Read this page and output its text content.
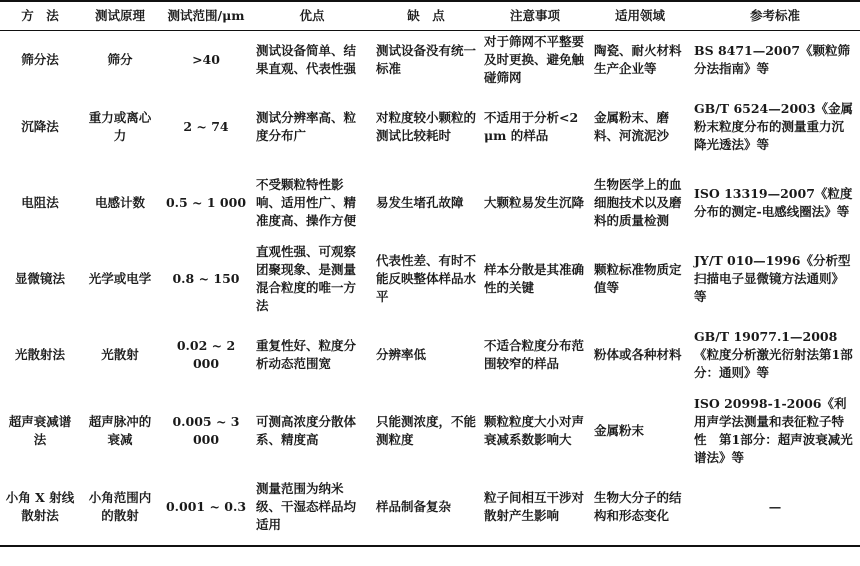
方　法	测试原理	测试范围/μm	优点	缺　点	注意事项	适用领域	参考标准
筛分法	筛分	>40	测试设备简单、结果直观、代表性强	测试设备没有统一标准	对于筛网不平整要及时更换、避免触碰筛网	陶瓷、耐火材料生产企业等	BS 8471—2007《颗粒筛分法指南》等
沉降法	重力或离心力	2 ~ 74	测试分辨率高、粒度分布广	对粒度较小颗粒的测试比较耗时	不适用于分析<2 μm 的样品	金属粉末、磨料、河流泥沙	GB/T 6524—2003《金属粉末粒度分布的测量重力沉降光透法》等
电阻法	电感计数	0.5 ~ 1 000	不受颗粒特性影响、适用性广、精准度高、操作方便	易发生堵孔故障	大颗粒易发生沉降	生物医学上的血细胞技术以及磨料的质量检测	ISO 13319—2007《粒度分布的测定-电感线圈法》等
显微镜法	光学或电学	0.8 ~ 150	直观性强、可观察团聚现象、是测量混合粒度的唯一方法	代表性差、有时不能反映整体样品水平	样本分散是其准确性的关键	颗粒标准物质定值等	JY/T 010—1996《分析型扫描电子显微镜方法通则》等
光散射法	光散射	0.02 ~ 2 000	重复性好、粒度分析动态范围宽	分辨率低	不适合粒度分布范围较窄的样品	粉体或各种材料	GB/T 19077.1—2008《粒度分析激光衍射法第1部分：通则》等
超声衰减谱法	超声脉冲的衰减	0.005 ~ 3 000	可测高浓度分散体系、精度高	只能测浓度，不能测粒度	颗粒粒度大小对声衰减系数影响大	金属粉末	ISO 20998-1-2006《利用声学法测量和表征粒子特性　第1部分：超声波衰减光谱法》等
小角 X 射线散射法	小角范围内的散射	0.001 ~ 0.3	测量范围为纳米级、干湿态样品均适用	样品制备复杂	粒子间相互干涉对散射产生影响	生物大分子的结构和形态变化	—
